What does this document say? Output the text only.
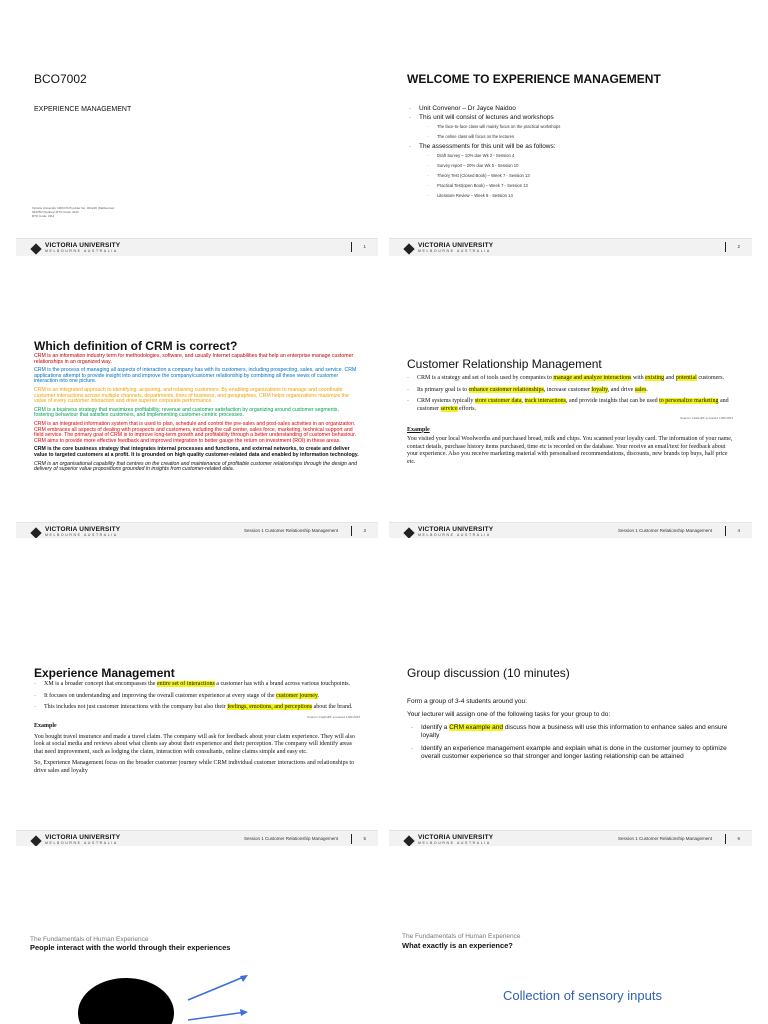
BCO7002
EXPERIENCE MANAGEMENT
Victoria University CRICOS Provider No. 00124K (Melbourne)
02475D (Sydney) RTO Code: 3113
RTO Code: 3113
VICTORIA UNIVERSITY
MELBOURNE AUSTRALIA
1
WELCOME TO EXPERIENCE MANAGEMENT
- Unit Convenor – Dr Jayce Naidoo
- This unit will consist of lectures and workshops
- The face-to-face class will mainly focus on the practical workshops
- The online class will focus on the lectures
- The assessments for this unit will be as follows:
- Draft Survey – 10% due Wk 2 - Session 4
- Survey report – 20% due Wk 5 - Session 10
- Theory Test (Closed Book) – Week 7 - Session 13
- Practical Test(open Book) – Week 7 - Session 13
- Literature Review – Week 8 - Session 14
VICTORIA UNIVERSITY
MELBOURNE AUSTRALIA
2
Which definition of CRM is correct?

CRM is an information industry term for methodologies, software, and usually Internet capabilities that help an enterprise manage customer relationships in an organized way.

CRM is the process of managing all aspects of interaction a company has with its customers, including prospecting, sales, and service. CRM applications attempt to provide insight into and improve the company/customer relationship by combining all these views of customer interaction into one picture.

CRM is an integrated approach to identifying, acquiring, and retaining customers. By enabling organizations to manage and coordinate customer interactions across multiple channels, departments, lines of business, and geographies, CRM helps organizations maximize the value of every customer interaction and drive superior corporate performance.

CRM is a business strategy that maximizes profitability, revenue and customer satisfaction by organizing around customer segments, fostering behaviour that satisfies customers, and implementing customer-centric processes.

CRM is an integrated information system that is used to plan, schedule and control the pre-sales and post-sales activities in an organization. CRM embraces all aspects of dealing with prospects and customers, including the call center, sales force, marketing, technical support and field service. The primary goal of CRM is to improve long-term growth and profitability through a better understanding of customer behaviour. CRM aims to provide more effective feedback and improved integration to better gauge the return on investment (ROI) in these areas.

CRM is the core business strategy that integrates internal processes and functions, and external networks, to create and deliver value to targeted customers at a profit. It is grounded on high quality customer-related data and enabled by information technology.

CRM is an organisational capability that centres on the creation and maintenance of profitable customer relationships through the design and delivery of superior value propositions grounded in insights from customer-related data.

VICTORIA UNIVERSITY
MELBOURNE AUSTRALIA
Session 1 Customer Relationship Management	3
Customer Relationship Management
- CRM is a strategy and set of tools used by companies to manage and analyze interactions with existing and potential customers.
- Its primary goal is to enhance customer relationships, increase customer loyalty, and drive sales.
- CRM systems typically store customer data, track interactions, and provide insights that can be used to personalize marketing and customer service efforts.
Source: ChatGPT accessed 1/08/2023
Example
You visited your local Woolworths and purchased bread, milk and chips. You scanned your loyalty card. The information of your name, contact details, purchase history items purchased, time etc is recorded on the database. Your receive an email/text for feedback about your experience. Also you receive marketing material with personalised recommendations, discounts, new brands top buys, half price etc.
VICTORIA UNIVERSITY
MELBOURNE AUSTRALIA
Session 1 Customer Relationship Management	4
Experience Management
- XM is a broader concept that encompasses the entire set of interactions a customer has with a brand across various touchpoints.
- It focuses on understanding and improving the overall customer experience at every stage of the customer journey.
- This includes not just customer interactions with the company but also their feelings, emotions, and perceptions about the brand.
Source: ChatGPT accessed 1/08/2023
Example
You bought travel insurance and made a travel claim. The company will ask for feedback about your claim experience. They will also look at social media and reviews about what clients say about their experience and their perception. The company will identify areas that need improvement, such as lodging the claim, interaction with consultants, online claims simple and easy etc.
So, Experience Management focus on the broader customer journey while CRM individual customer interactions and relationships to drive sales and loyalty
VICTORIA UNIVERSITY
MELBOURNE AUSTRALIA
Session 1 Customer Relationship Management	5
Group discussion (10 minutes)
Form a group of 3-4 students around you:
Your lecturer will assign one of the following tasks for your group to do:
- Identify a CRM example and discuss how a business will use this information to enhance sales and ensure loyalty
- Identify an experience management example and explain what is done in the customer journey to optimize overall customer experience so that stronger and longer lasting relationship can be attained
VICTORIA UNIVERSITY
MELBOURNE AUSTRALIA
Session 1 Customer Relationship Management	6
The Fundamentals of Human Experience
People interact with the world through their experiences
The Fundamentals of Human Experience
What exactly is an experience?
Collection of sensory inputs
